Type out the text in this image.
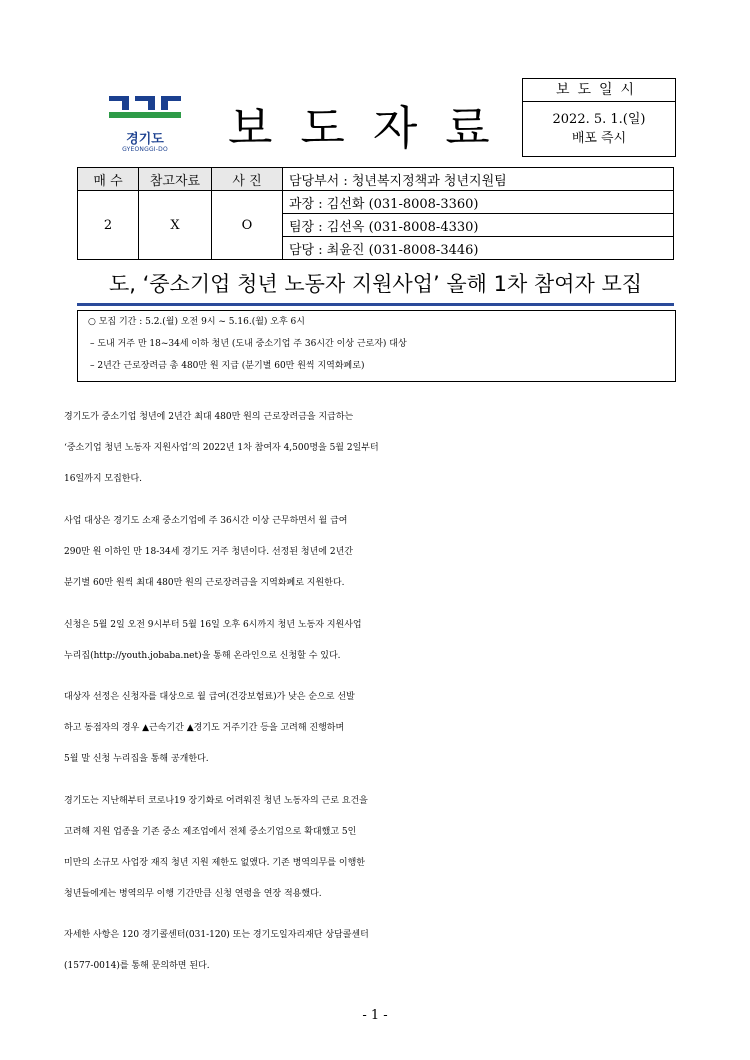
경기도
GYEONGGI-DO	보도자료
보도일시
2022. 5. 1.(일)
배포 즉시
매 수	참고자료	사 진	담당부서 : 청년복지정책과 청년지원팀
2	X	O	과장 : 김선화 (031-8008-3360)
			팀장 : 김선옥 (031-8008-4330)
			담당 : 최윤진 (031-8008-3446)
도, ‘중소기업 청년 노동자 지원사업’ 올해 1차 참여자 모집
○ 모집 기간 : 5.2.(월) 오전 9시 ~ 5.16.(월) 오후 6시
– 도내 거주 만 18~34세 이하 청년 (도내 중소기업 주 36시간 이상 근로자) 대상
– 2년간 근로장려금 총 480만 원 지급 (분기별 60만 원씩 지역화폐로)
경기도가 중소기업 청년에 2년간 최대 480만 원의 근로장려금을 지급하는
‘중소기업 청년 노동자 지원사업’의 2022년 1차 참여자 4,500명을 5월 2일부터
16일까지 모집한다.
사업 대상은 경기도 소재 중소기업에 주 36시간 이상 근무하면서 월 급여
290만 원 이하인 만 18-34세 경기도 거주 청년이다. 선정된 청년에 2년간
분기별 60만 원씩 최대 480만 원의 근로장려금을 지역화폐로 지원한다.
신청은 5월 2일 오전 9시부터 5월 16일 오후 6시까지 청년 노동자 지원사업
누리집(http://youth.jobaba.net)을 통해 온라인으로 신청할 수 있다.
대상자 선정은 신청자를 대상으로 월 급여(건강보험료)가 낮은 순으로 선발
하고 동점자의 경우 ▲근속기간 ▲경기도 거주기간 등을 고려해 진행하며
5월 말 신청 누리집을 통해 공개한다.
경기도는 지난해부터 코로나19 장기화로 어려워진 청년 노동자의 근로 요건을
고려해 지원 업종을 기존 중소 제조업에서 전체 중소기업으로 확대했고 5인
미만의 소규모 사업장 재직 청년 지원 제한도 없앴다. 기존 병역의무를 이행한
청년들에게는 병역의무 이행 기간만큼 신청 연령을 연장 적용했다.
자세한 사항은 120 경기콜센터(031-120) 또는 경기도일자리재단 상담콜센터
(1577-0014)를 통해 문의하면 된다.
- 1 -
